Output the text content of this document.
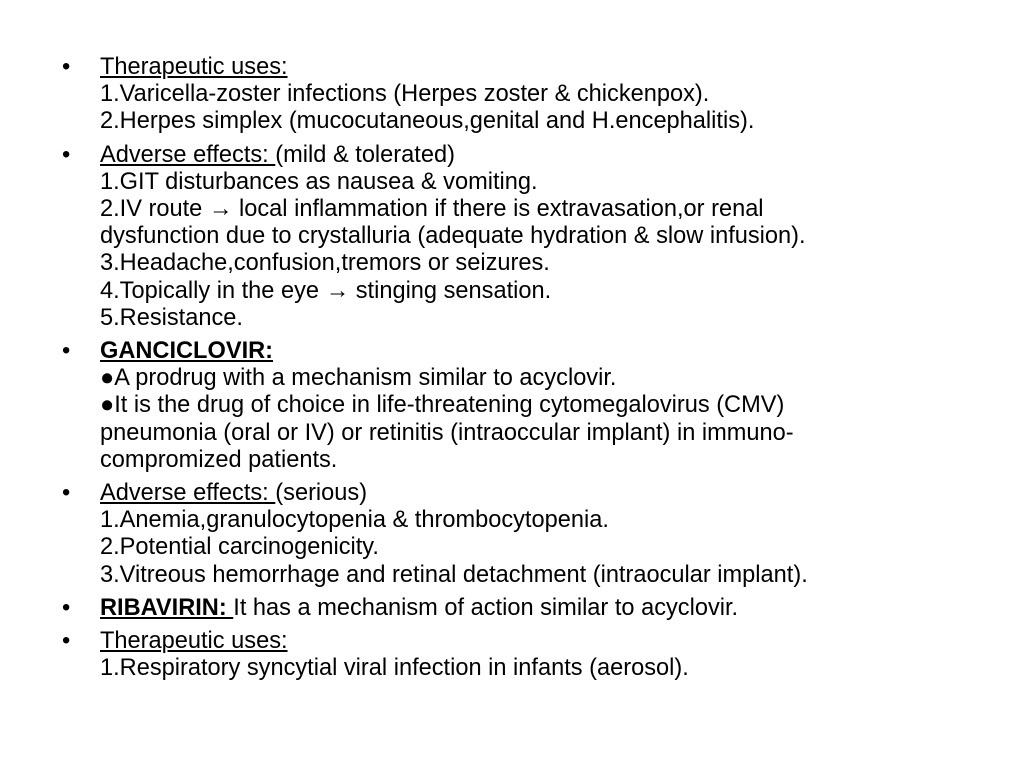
•	Therapeutic uses:
1.Varicella-zoster infections (Herpes zoster & chickenpox).
2.Herpes simplex (mucocutaneous,genital and H.encephalitis).
•	Adverse effects: (mild & tolerated)
1.GIT disturbances as nausea & vomiting.
2.IV route → local inflammation if there is extravasation,or renal
dysfunction due to crystalluria (adequate hydration & slow infusion).
3.Headache,confusion,tremors or seizures.
4.Topically in the eye → stinging sensation.
5.Resistance.
•	GANCICLOVIR:
●A prodrug with a mechanism similar to acyclovir.
●It is the drug of choice in life-threatening cytomegalovirus (CMV)
pneumonia (oral or IV) or retinitis (intraoccular implant) in immuno-
compromized patients.
•	Adverse effects: (serious)
1.Anemia,granulocytopenia & thrombocytopenia.
2.Potential carcinogenicity.
3.Vitreous hemorrhage and retinal detachment (intraocular implant).
•	RIBAVIRIN: It has a mechanism of action similar to acyclovir.
•	Therapeutic uses:
1.Respiratory syncytial viral infection in infants (aerosol).
